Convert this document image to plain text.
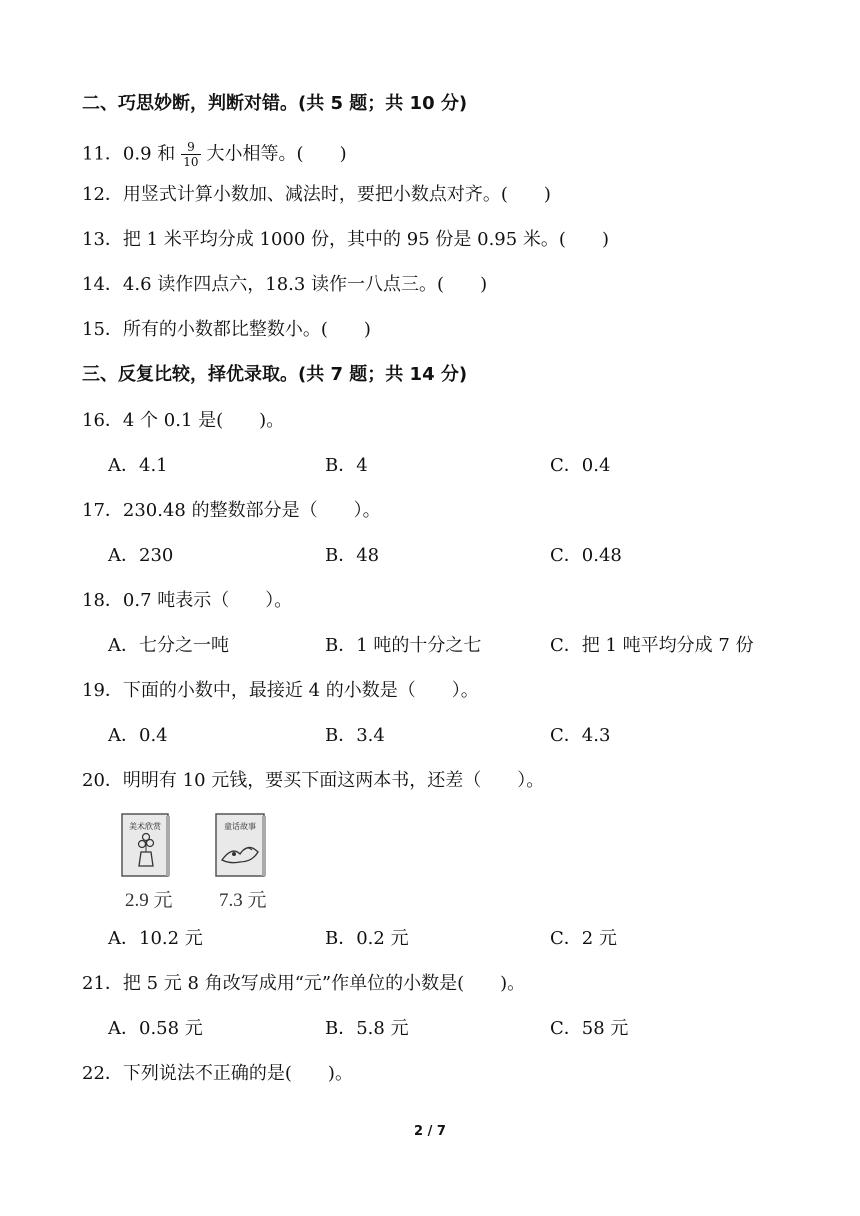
二、巧思妙断，判断对错。(共 5 题；共 10 分)
11．0.9 和 $\frac{9}{10}$ 大小相等。(　　)
12．用竖式计算小数加、减法时，要把小数点对齐。(　　)
13．把 1 米平均分成 1000 份，其中的 95 份是 0.95 米。(　　)
14．4.6 读作四点六，18.3 读作一八点三。(　　)
15．所有的小数都比整数小。(　　)
三、反复比较，择优录取。(共 7 题；共 14 分)
16．4 个 0.1 是(　　)。
A．4.1	B．4	C．0.4
17．230.48 的整数部分是（　　）。
A．230	B．48	C．0.48
18．0.7 吨表示（　　）。
A．七分之一吨	B．1 吨的十分之七	C．把 1 吨平均分成 7 份
19．下面的小数中，最接近 4 的小数是（　　）。
A．0.4	B．3.4	C．4.3
20．明明有 10 元钱，要买下面这两本书，还差（　　）。
美术欣赏
2.9 元
童话故事
7.3 元
A．10.2 元	B．0.2 元	C．2 元
21．把 5 元 8 角改写成用“元”作单位的小数是(　　)。
A．0.58 元	B．5.8 元	C．58 元
22．下列说法不正确的是(　　)。
2 / 7
